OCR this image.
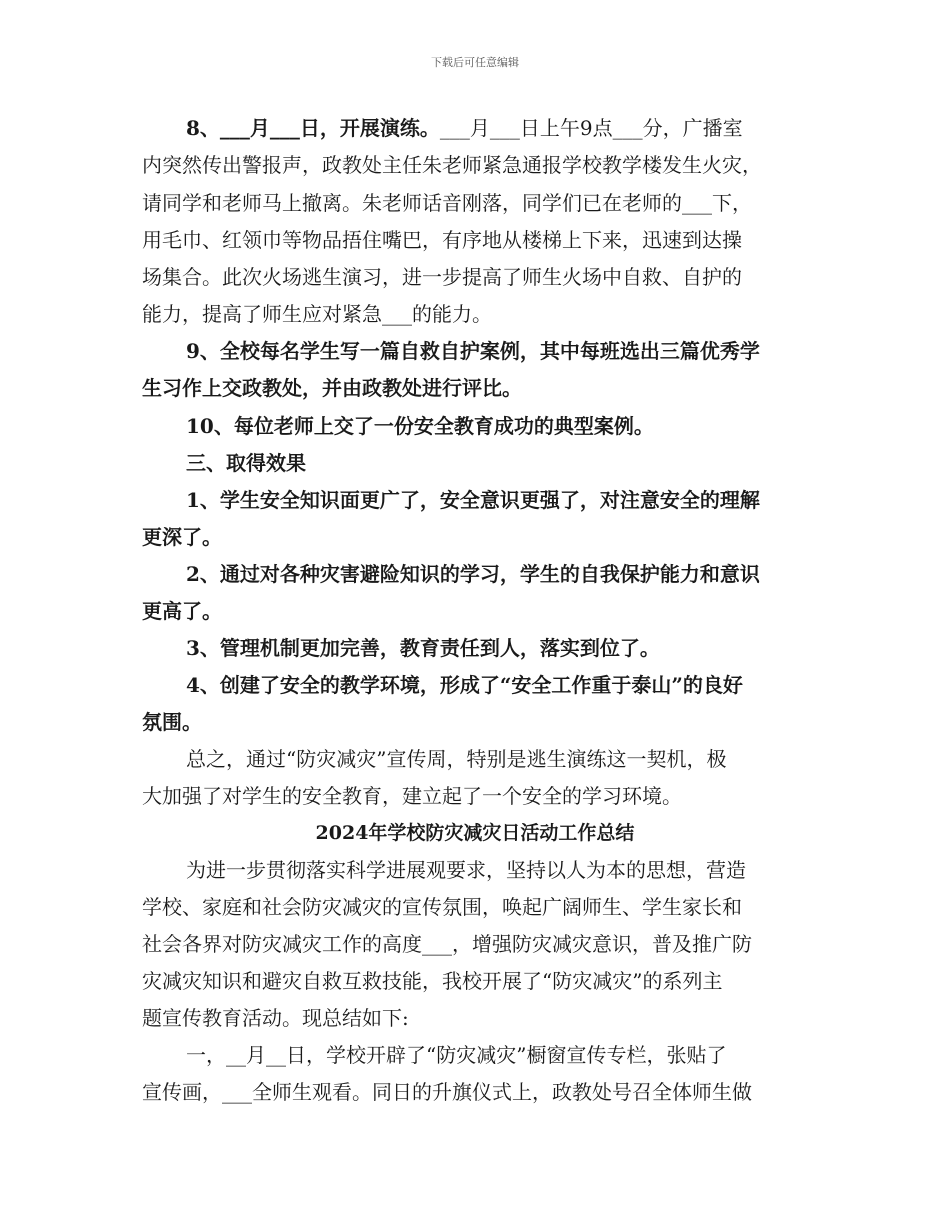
下载后可任意编辑
8、___月___日，开展演练。___月___日上午9点___分，广播室
内突然传出警报声，政教处主任朱老师紧急通报学校教学楼发生火灾，
请同学和老师马上撤离。朱老师话音刚落，同学们已在老师的___下，
用毛巾、红领巾等物品捂住嘴巴，有序地从楼梯上下来，迅速到达操
场集合。此次火场逃生演习，进一步提高了师生火场中自救、自护的
能力，提高了师生应对紧急___的能力。
9、全校每名学生写一篇自救自护案例，其中每班选出三篇优秀学
生习作上交政教处，并由政教处进行评比。
10、每位老师上交了一份安全教育成功的典型案例。
三、取得效果
1、学生安全知识面更广了，安全意识更强了，对注意安全的理解
更深了。
2、通过对各种灾害避险知识的学习，学生的自我保护能力和意识
更高了。
3、管理机制更加完善，教育责任到人，落实到位了。
4、创建了安全的教学环境，形成了“安全工作重于泰山”的良好
氛围。
总之，通过“防灾减灾”宣传周，特别是逃生演练这一契机，极
大加强了对学生的安全教育，建立起了一个安全的学习环境。
2024年学校防灾减灾日活动工作总结
为进一步贯彻落实科学进展观要求，坚持以人为本的思想，营造
学校、家庭和社会防灾减灾的宣传氛围，唤起广阔师生、学生家长和
社会各界对防灾减灾工作的高度___，增强防灾减灾意识，普及推广防
灾减灾知识和避灾自救互救技能，我校开展了“防灾减灾”的系列主
题宣传教育活动。现总结如下:
一，__月__日，学校开辟了“防灾减灾”橱窗宣传专栏，张贴了
宣传画，___全师生观看。同日的升旗仪式上，政教处号召全体师生做
